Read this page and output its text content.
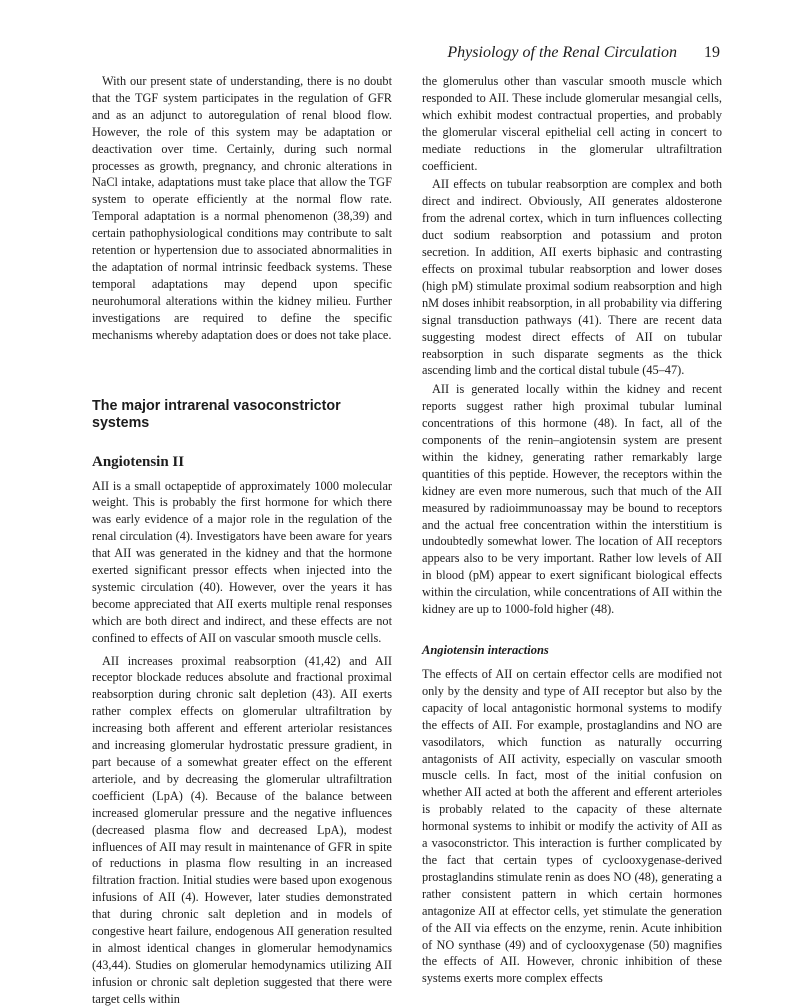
Physiology of the Renal Circulation 19

With our present state of understanding, there is no doubt that the TGF system participates in the regulation of GFR and as an adjunct to autoregulation of renal blood flow. However, the role of this system may be adaptation or deactivation over time. Certainly, during such normal processes as growth, pregnancy, and chronic alterations in NaCl intake, adaptations must take place that allow the TGF system to operate efficiently at the normal flow rate. Temporal adaptation is a normal phenomenon (38,39) and certain pathophysiological conditions may contribute to salt retention or hypertension due to associated abnormalities in the adaptation of normal intrinsic feedback systems. These temporal adaptations may depend upon specific neurohumoral alterations within the kidney milieu. Further investigations are required to define the specific mechanisms whereby adaptation does or does not take place.

The major intrarenal vasoconstrictor systems
Angiotensin II

AII is a small octapeptide of approximately 1000 molecular weight. This is probably the first hormone for which there was early evidence of a major role in the regulation of the renal circulation (4). Investigators have been aware for years that AII was generated in the kidney and that the hormone exerted significant pressor effects when injected into the systemic circulation (40). However, over the years it has become appreciated that AII exerts multiple renal responses which are both direct and indirect, and these effects are not confined to effects of AII on vascular smooth muscle cells.

AII increases proximal reabsorption (41,42) and AII receptor blockade reduces absolute and fractional proximal reabsorption during chronic salt depletion (43). AII exerts rather complex effects on glomerular ultrafiltration by increasing both afferent and efferent arteriolar resistances and increasing glomerular hydrostatic pressure gradient, in part because of a somewhat greater effect on the efferent arteriole, and by decreasing the glomerular ultrafiltration coefficient (LpA) (4). Because of the balance between increased glomerular pressure and the negative influences (decreased plasma flow and decreased LpA), modest influences of AII may result in maintenance of GFR in spite of reductions in plasma flow resulting in an increased filtration fraction. Initial studies were based upon exogenous infusions of AII (4). However, later studies demonstrated that during chronic salt depletion and in models of congestive heart failure, endogenous AII generation resulted in almost identical changes in glomerular hemodynamics (43,44). Studies on glomerular hemodynamics utilizing AII infusion or chronic salt depletion suggested that there were target cells within

the glomerulus other than vascular smooth muscle which responded to AII. These include glomerular mesangial cells, which exhibit modest contractual properties, and probably the glomerular visceral epithelial cell acting in concert to mediate reductions in the glomerular ultrafiltration coefficient.

AII effects on tubular reabsorption are complex and both direct and indirect. Obviously, AII generates aldosterone from the adrenal cortex, which in turn influences collecting duct sodium reabsorption and potassium and proton secretion. In addition, AII exerts biphasic and contrasting effects on proximal tubular reabsorption and lower doses (high pM) stimulate proximal sodium reabsorption and high nM doses inhibit reabsorption, in all probability via differing signal transduction pathways (41). There are recent data suggesting modest direct effects of AII on tubular reabsorption in such disparate segments as the thick ascending limb and the cortical distal tubule (45–47).

AII is generated locally within the kidney and recent reports suggest rather high proximal tubular luminal concentrations of this hormone (48). In fact, all of the components of the renin–angiotensin system are present within the kidney, generating rather remarkably large quantities of this peptide. However, the receptors within the kidney are even more numerous, such that much of the AII measured by radioimmunoassay may be bound to receptors and the actual free concentration within the interstitium is undoubtedly somewhat lower. The location of AII receptors appears also to be very important. Rather low levels of AII in blood (pM) appear to exert significant biological effects within the circulation, while concentrations of AII within the kidney are up to 1000-fold higher (48).

Angiotensin interactions

The effects of AII on certain effector cells are modified not only by the density and type of AII receptor but also by the capacity of local antagonistic hormonal systems to modify the effects of AII. For example, prostaglandins and NO are vasodilators, which function as naturally occurring antagonists of AII activity, especially on vascular smooth muscle cells. In fact, most of the initial confusion on whether AII acted at both the afferent and efferent arterioles is probably related to the capacity of these alternate hormonal systems to inhibit or modify the activity of AII as a vasoconstrictor. This interaction is further complicated by the fact that certain types of cyclooxygenase-derived prostaglandins stimulate renin as does NO (48), generating a rather consistent pattern in which certain hormones antagonize AII at effector cells, yet stimulate the generation of the AII via effects on the enzyme, renin. Acute inhibition of NO synthase (49) and of cyclooxygenase (50) magnifies the effects of AII. However, chronic inhibition of these systems exerts more complex effects
